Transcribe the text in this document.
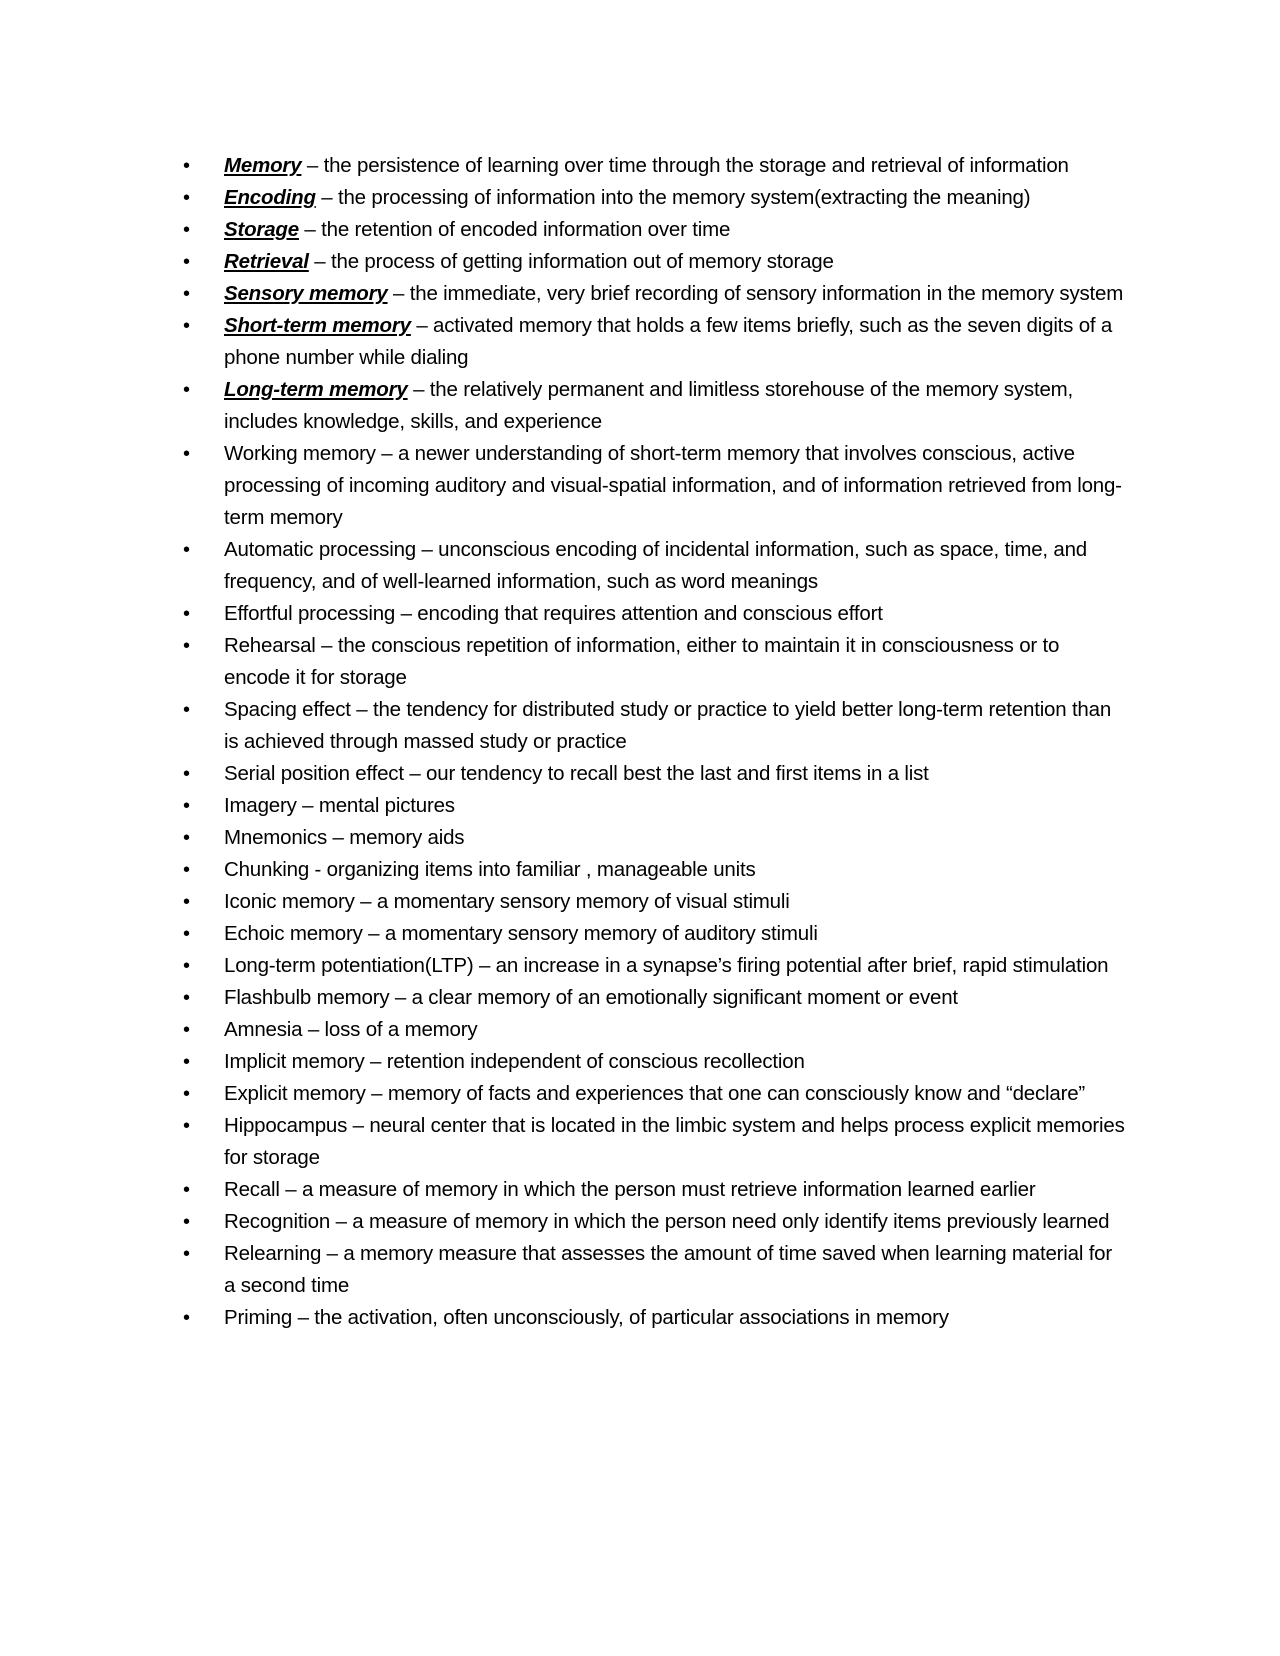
• Memory – the persistence of learning over time through the storage and retrieval of information
• Encoding – the processing of information into the memory system(extracting the meaning)
• Storage – the retention of encoded information over time
• Retrieval – the process of getting information out of memory storage
• Sensory memory – the immediate, very brief recording of sensory information in the memory system
• Short-term memory – activated memory that holds a few items briefly, such as the seven digits of a phone number while dialing
• Long-term memory – the relatively permanent and limitless storehouse of the memory system, includes knowledge, skills, and experience
• Working memory – a newer understanding of short-term memory that involves conscious, active processing of incoming auditory and visual-spatial information, and of information retrieved from long-term memory
• Automatic processing – unconscious encoding of incidental information, such as space, time, and frequency, and of well-learned information, such as word meanings
• Effortful processing – encoding that requires attention and conscious effort
• Rehearsal – the conscious repetition of information, either to maintain it in consciousness or to encode it for storage
• Spacing effect – the tendency for distributed study or practice to yield better long-term retention than is achieved through massed study or practice
• Serial position effect – our tendency to recall best the last and first items in a list
• Imagery – mental pictures
• Mnemonics – memory aids
• Chunking - organizing items into familiar , manageable units
• Iconic memory – a momentary sensory memory of visual stimuli
• Echoic memory – a momentary sensory memory of auditory stimuli
• Long-term potentiation(LTP) – an increase in a synapse’s firing potential after brief, rapid stimulation
• Flashbulb memory – a clear memory of an emotionally significant moment or event
• Amnesia – loss of a memory
• Implicit memory – retention independent of conscious recollection
• Explicit memory – memory of facts and experiences that one can consciously know and “declare”
• Hippocampus – neural center that is located in the limbic system and helps process explicit memories for storage
• Recall – a measure of memory in which the person must retrieve information learned earlier
• Recognition – a measure of memory in which the person need only identify items previously learned
• Relearning – a memory measure that assesses the amount of time saved when learning material for a second time
• Priming – the activation, often unconsciously, of particular associations in memory
